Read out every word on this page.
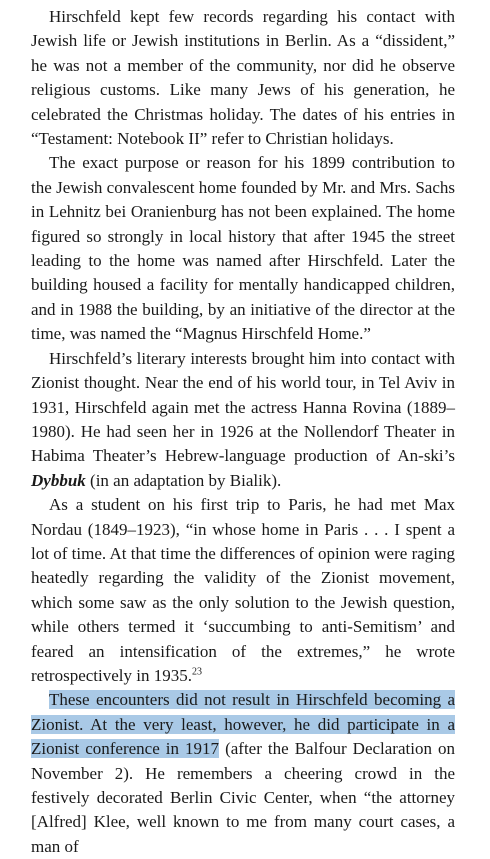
Hirschfeld kept few records regarding his contact with Jewish life or Jewish institutions in Berlin. As a “dissident,” he was not a member of the community, nor did he observe religious customs. Like many Jews of his generation, he celebrated the Christmas holiday. The dates of his entries in “Testament: Notebook II” refer to Christian holidays.

The exact purpose or reason for his 1899 contribution to the Jewish convalescent home founded by Mr. and Mrs. Sachs in Lehnitz bei Oranienburg has not been explained. The home figured so strongly in local history that after 1945 the street leading to the home was named after Hirschfeld. Later the building housed a facility for mentally handicapped children, and in 1988 the building, by an initiative of the director at the time, was named the “Magnus Hirschfeld Home.”

Hirschfeld’s literary interests brought him into contact with Zionist thought. Near the end of his world tour, in Tel Aviv in 1931, Hirschfeld again met the actress Hanna Rovina (1889–1980). He had seen her in 1926 at the Nollendorf Theater in Habima Theater’s Hebrew-language production of An-ski’s Dybbuk (in an adaptation by Bialik).

As a student on his first trip to Paris, he had met Max Nordau (1849–1923), “in whose home in Paris . . . I spent a lot of time. At that time the differences of opinion were raging heatedly regarding the validity of the Zionist movement, which some saw as the only solution to the Jewish question, while others termed it ‘succumbing to anti-Semitism’ and feared an intensification of the extremes,” he wrote retrospectively in 1935.23

These encounters did not result in Hirschfeld becoming a Zionist. At the very least, however, he did participate in a Zionist conference in 1917 (after the Balfour Declaration on November 2). He remembers a cheering crowd in the festively decorated Berlin Civic Center, when “the attorney [Alfred] Klee, well known to me from many court cases, a man of
